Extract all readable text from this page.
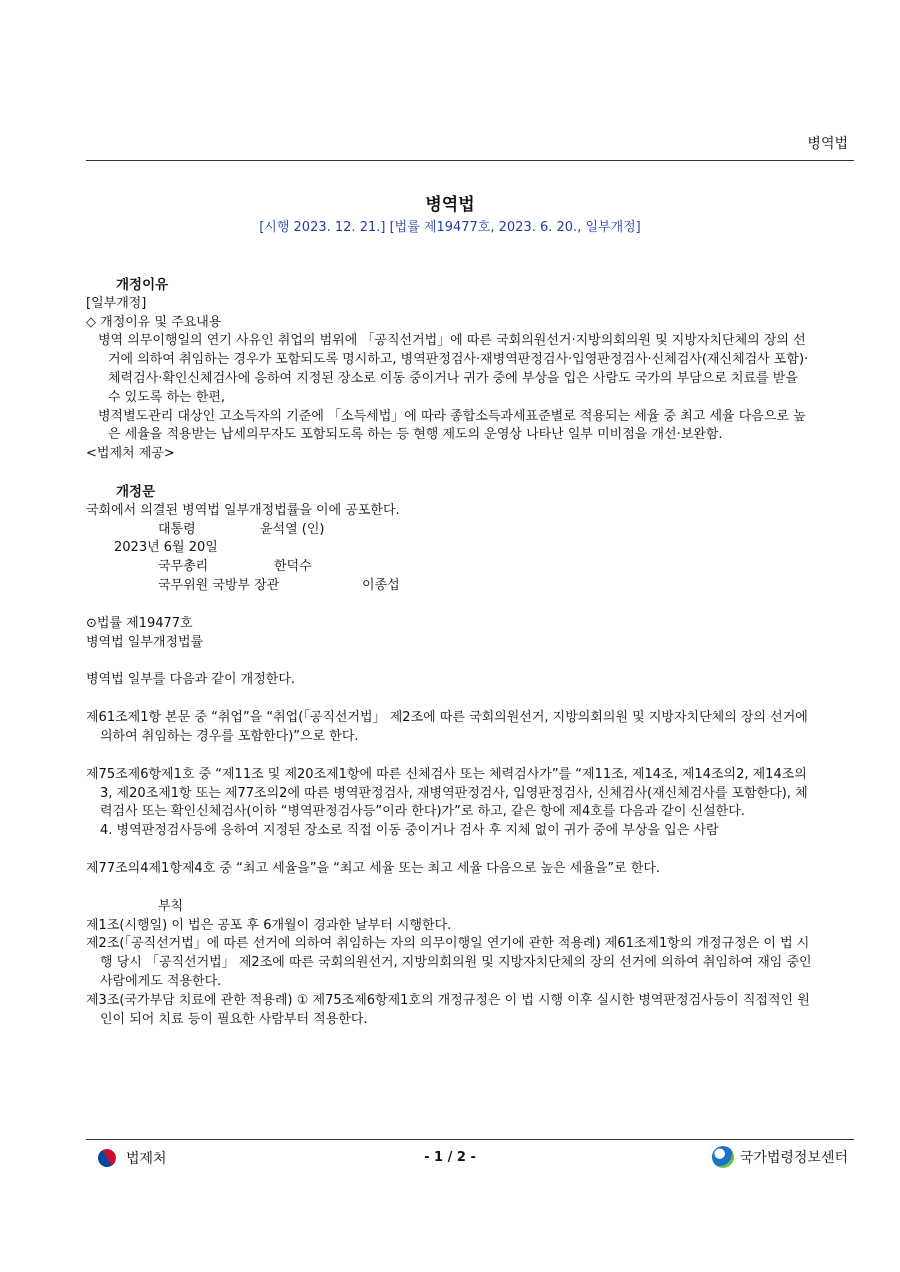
병역법
병역법
[시행 2023. 12. 21.] [법률 제19477호, 2023. 6. 20., 일부개정]

개정이유

[일부개정]

◇ 개정이유 및 주요내용

병역 의무이행일의 연기 사유인 취업의 범위에 「공직선거법」에 따른 국회의원선거·지방의회의원 및 지방자치단체의 장의 선거에 의하여 취임하는 경우가 포함되도록 명시하고, 병역판정검사·재병역판정검사·입영판정검사·신체검사(재신체검사 포함)·체력검사·확인신체검사에 응하여 지정된 장소로 이동 중이거나 귀가 중에 부상을 입은 사람도 국가의 부담으로 치료를 받을 수 있도록 하는 한편,

병적별도관리 대상인 고소득자의 기준에 「소득세법」에 따라 종합소득과세표준별로 적용되는 세율 중 최고 세율 다음으로 높은 세율을 적용받는 납세의무자도 포함되도록 하는 등 현행 제도의 운영상 나타난 일부 미비점을 개선·보완함.

<법제처 제공>

개정문

국회에서 의결된 병역법 일부개정법률을 이에 공포한다.

대통령	윤석열 (인)

2023년 6월 20일

국무총리	한덕수

국무위원 국방부 장관	이종섭

⊙법률 제19477호

병역법 일부개정법률

병역법 일부를 다음과 같이 개정한다.

제61조제1항 본문 중 “취업”을 “취업(「공직선거법」 제2조에 따른 국회의원선거, 지방의회의원 및 지방자치단체의 장의 선거에 의하여 취임하는 경우를 포함한다)”으로 한다.

제75조제6항제1호 중 “제11조 및 제20조제1항에 따른 신체검사 또는 체력검사가”를 “제11조, 제14조, 제14조의2, 제14조의3, 제20조제1항 또는 제77조의2에 따른 병역판정검사, 재병역판정검사, 입영판정검사, 신체검사(재신체검사를 포함한다), 체력검사 또는 확인신체검사(이하 “병역판정검사등”이라 한다)가”로 하고, 같은 항에 제4호를 다음과 같이 신설한다.

4. 병역판정검사등에 응하여 지정된 장소로 직접 이동 중이거나 검사 후 지체 없이 귀가 중에 부상을 입은 사람

제77조의4제1항제4호 중 “최고 세율을”을 “최고 세율 또는 최고 세율 다음으로 높은 세율을”로 한다.

부칙

제1조(시행일) 이 법은 공포 후 6개월이 경과한 날부터 시행한다.

제2조(「공직선거법」에 따른 선거에 의하여 취임하는 자의 의무이행일 연기에 관한 적용례) 제61조제1항의 개정규정은 이 법 시행 당시 「공직선거법」 제2조에 따른 국회의원선거, 지방의회의원 및 지방자치단체의 장의 선거에 의하여 취임하여 재임 중인 사람에게도 적용한다.

제3조(국가부담 치료에 관한 적용례) ① 제75조제6항제1호의 개정규정은 이 법 시행 이후 실시한 병역판정검사등이 직접적인 원인이 되어 치료 등이 필요한 사람부터 적용한다.

법제처	- 1 / 2 -	국가법령정보센터
